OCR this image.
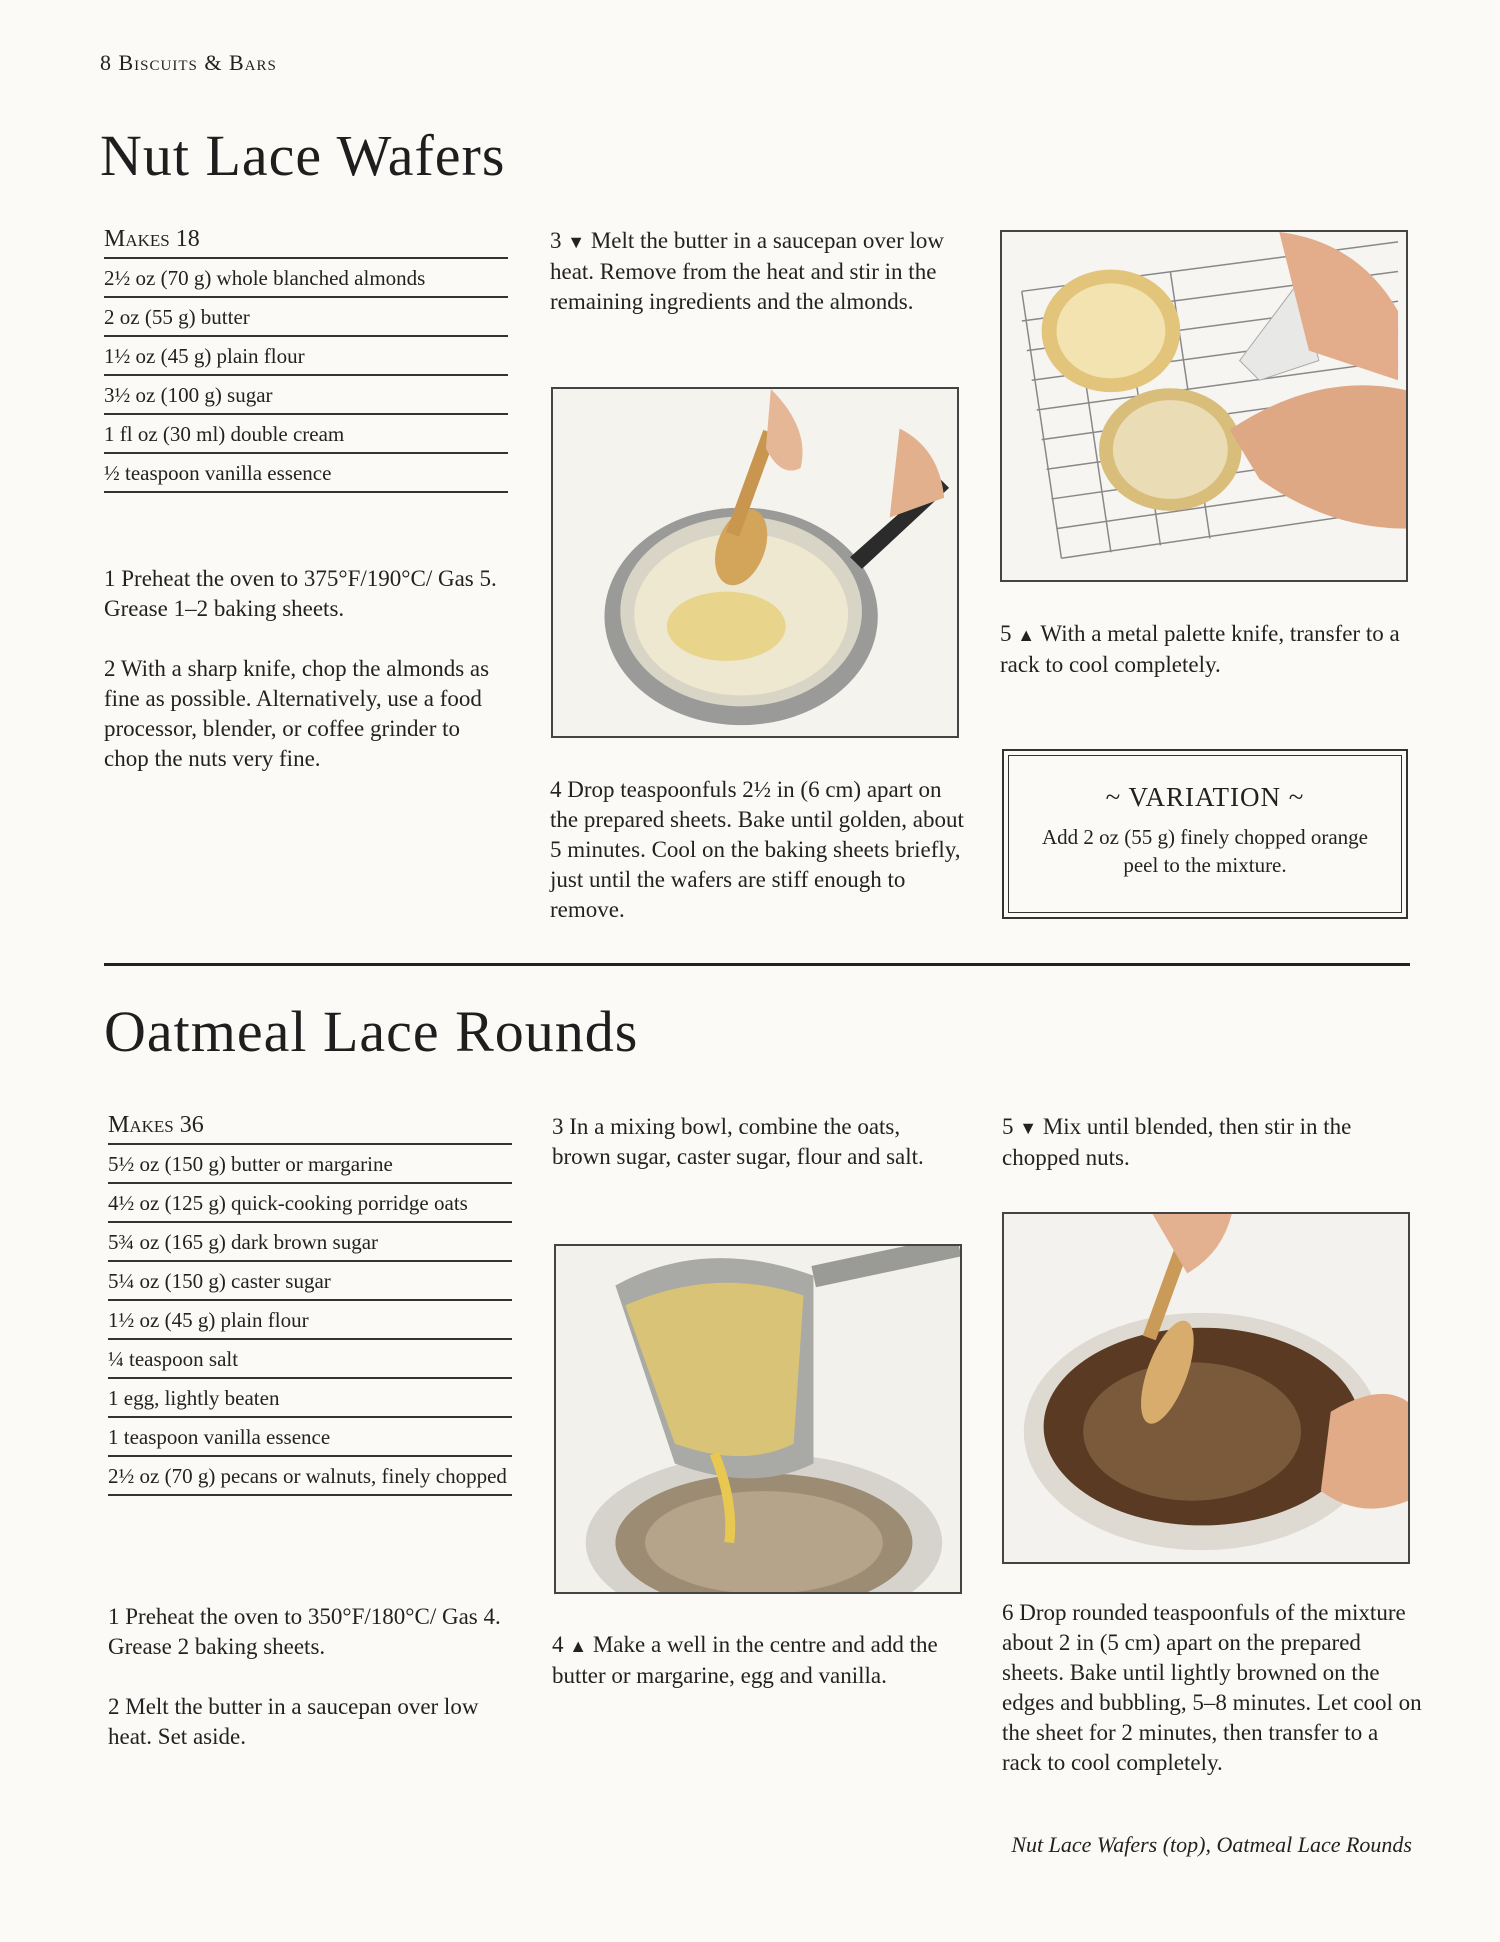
8 Biscuits & Bars
Nut Lace Wafers
Makes 18
2½ oz (70 g) whole blanched almonds
2 oz (55 g) butter
1½ oz (45 g) plain flour
3½ oz (100 g) sugar
1 fl oz (30 ml) double cream
½ teaspoon vanilla essence

1 Preheat the oven to 375°F/190°C/ Gas 5. Grease 1–2 baking sheets.

2 With a sharp knife, chop the almonds as fine as possible. Alternatively, use a food processor, blender, or coffee grinder to chop the nuts very fine.

3 ▼ Melt the butter in a saucepan over low heat. Remove from the heat and stir in the remaining ingredients and the almonds.

4 Drop teaspoonfuls 2½ in (6 cm) apart on the prepared sheets. Bake until golden, about 5 minutes. Cool on the baking sheets briefly, just until the wafers are stiff enough to remove.

5 ▲ With a metal palette knife, transfer to a rack to cool completely.

~ VARIATION ~
Add 2 oz (55 g) finely chopped orange peel to the mixture.
Oatmeal Lace Rounds
Makes 36
5½ oz (150 g) butter or margarine
4½ oz (125 g) quick-cooking porridge oats
5¾ oz (165 g) dark brown sugar
5¼ oz (150 g) caster sugar
1½ oz (45 g) plain flour
¼ teaspoon salt
1 egg, lightly beaten
1 teaspoon vanilla essence
2½ oz (70 g) pecans or walnuts, finely chopped

1 Preheat the oven to 350°F/180°C/ Gas 4. Grease 2 baking sheets.

2 Melt the butter in a saucepan over low heat. Set aside.

3 In a mixing bowl, combine the oats, brown sugar, caster sugar, flour and salt.

4 ▲ Make a well in the centre and add the butter or margarine, egg and vanilla.

5 ▼ Mix until blended, then stir in the chopped nuts.

6 Drop rounded teaspoonfuls of the mixture about 2 in (5 cm) apart on the prepared sheets. Bake until lightly browned on the edges and bubbling, 5–8 minutes. Let cool on the sheet for 2 minutes, then transfer to a rack to cool completely.

Nut Lace Wafers (top), Oatmeal Lace Rounds
